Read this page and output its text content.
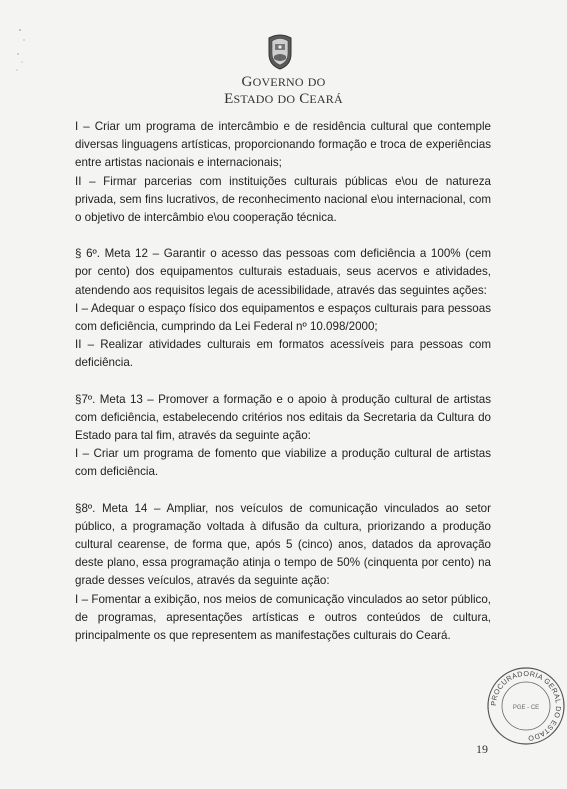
GOVERNO DO
ESTADO DO CEARÁ

I – Criar um programa de intercâmbio e de residência cultural que contemple diversas linguagens artísticas, proporcionando formação e troca de experiências entre artistas nacionais e internacionais;

II – Firmar parcerias com instituições culturais públicas e\ou de natureza privada, sem fins lucrativos, de reconhecimento nacional e\ou internacional, com o objetivo de intercâmbio e\ou cooperação técnica.

§ 6º. Meta 12 – Garantir o acesso das pessoas com deficiência a 100% (cem por cento) dos equipamentos culturais estaduais, seus acervos e atividades, atendendo aos requisitos legais de acessibilidade, através das seguintes ações:

I – Adequar o espaço físico dos equipamentos e espaços culturais para pessoas com deficiência, cumprindo da Lei Federal nº 10.098/2000;

II – Realizar atividades culturais em formatos acessíveis para pessoas com deficiência.

§7º. Meta 13 – Promover a formação e o apoio à produção cultural de artistas com deficiência, estabelecendo critérios nos editais da Secretaria da Cultura do Estado para tal fim, através da seguinte ação:

I – Criar um programa de fomento que viabilize a produção cultural de artistas com deficiência.

§8º. Meta 14 – Ampliar, nos veículos de comunicação vinculados ao setor público, a programação voltada à difusão da cultura, priorizando a produção cultural cearense, de forma que, após 5 (cinco) anos, datados da aprovação deste plano, essa programação atinja o tempo de 50% (cinquenta por cento) na grade desses veículos, através da seguinte ação:

I – Fomentar a exibição, nos meios de comunicação vinculados ao setor público, de programas, apresentações artísticas e outros conteúdos de cultura, principalmente os que representem as manifestações culturais do Ceará.

PROCURADORIA GERAL DO ESTADO
PGE - CE
19
